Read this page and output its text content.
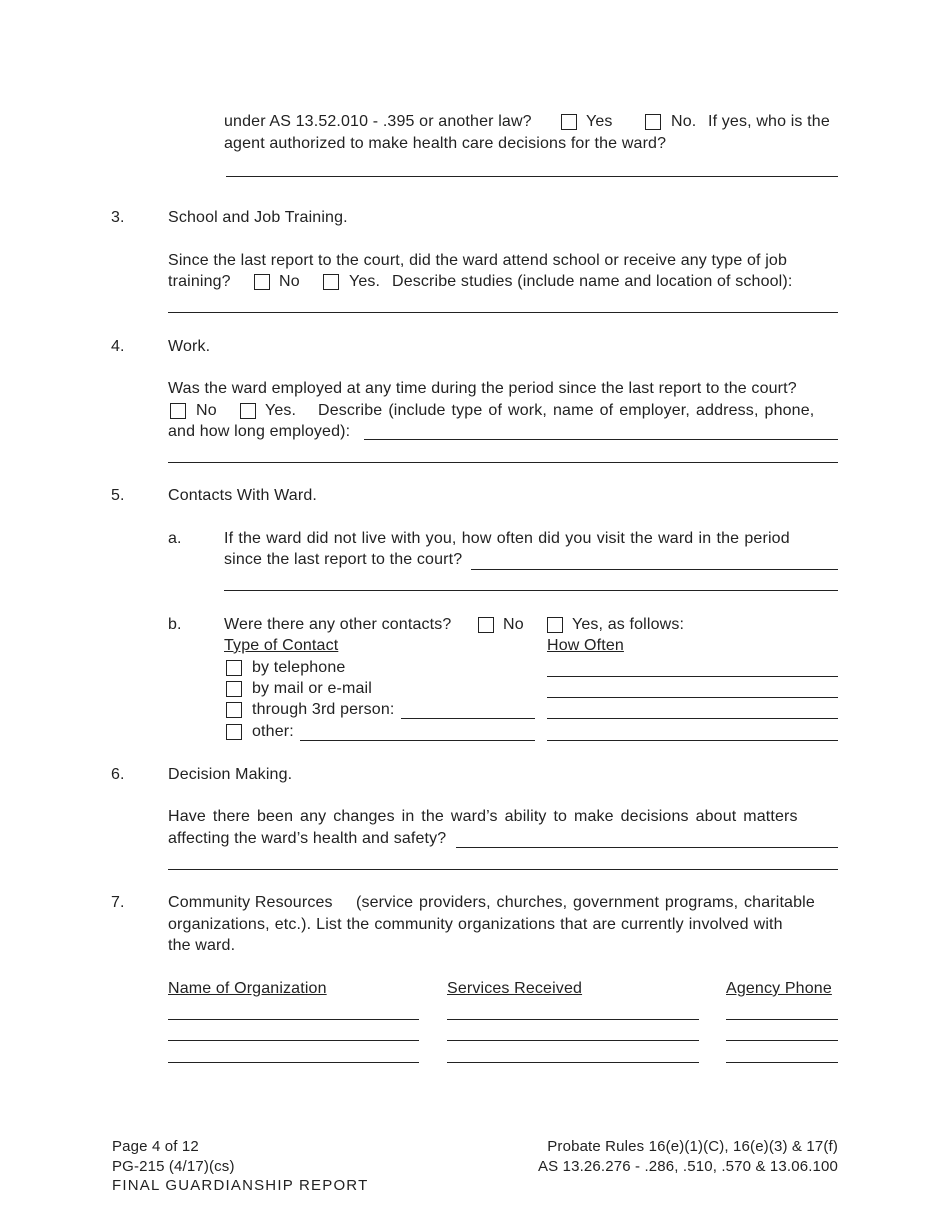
under AS 13.52.010 - .395 or another law?	Yes	No. If yes, who is the
agent authorized to make health care decisions for the ward?
3.	School and Job Training.
Since the last report to the court, did the ward attend school or receive any type of job
training?	No	Yes. Describe studies (include name and location of school):
4.	Work.
Was the ward employed at any time during the period since the last report to the court?
No	Yes. Describe (include type of work, name of employer, address, phone,
and how long employed):
5.	Contacts With Ward.
a.	If the ward did not live with you, how often did you visit the ward in the period
since the last report to the court?
b.	Were there any other contacts?	No	Yes, as follows:
Type of Contact	How Often
by telephone
by mail or e-mail
through 3rd person:
other:
6.	Decision Making.
Have there been any changes in the ward’s ability to make decisions about matters
affecting the ward’s health and safety?
7.	Community Resources (service providers, churches, government programs, charitable
organizations, etc.). List the community organizations that are currently involved with
the ward.
Name of Organization	Services Received	Agency Phone
Page 4 of 12
PG-215 (4/17)(cs)
FINAL GUARDIANSHIP REPORT
Probate Rules 16(e)(1)(C), 16(e)(3) & 17(f)
AS 13.26.276 - .286, .510, .570 & 13.06.100
